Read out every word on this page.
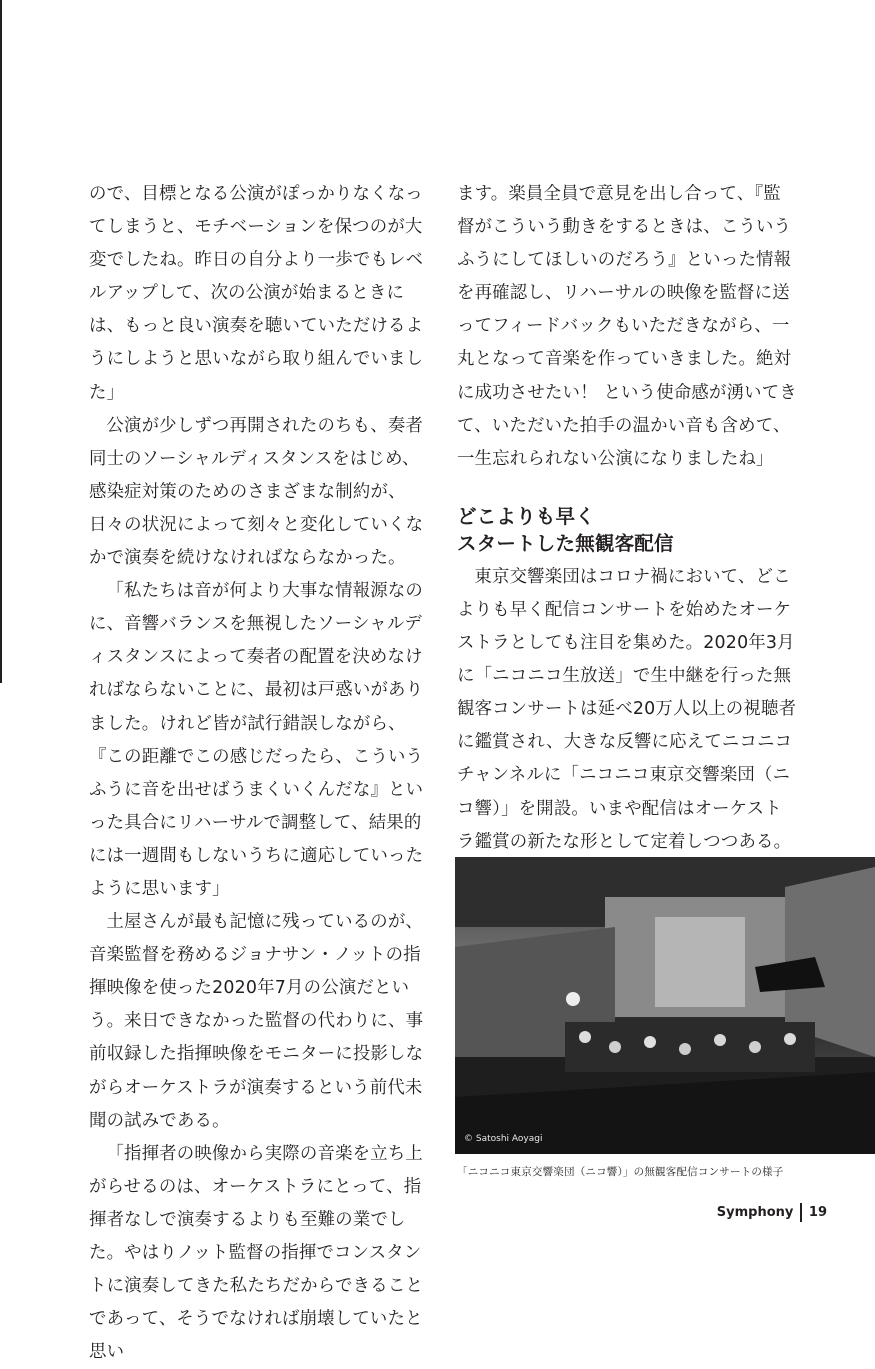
ので、目標となる公演がぽっかりなくなってしまうと、モチベーションを保つのが大変でしたね。昨日の自分より一歩でもレベルアップして、次の公演が始まるときには、もっと良い演奏を聴いていただけるようにしようと思いながら取り組んでいました」

公演が少しずつ再開されたのちも、奏者同士のソーシャルディスタンスをはじめ、感染症対策のためのさまざまな制約が、日々の状況によって刻々と変化していくなかで演奏を続けなければならなかった。

「私たちは音が何より大事な情報源なのに、音響バランスを無視したソーシャルディスタンスによって奏者の配置を決めなければならないことに、最初は戸惑いがありました。けれど皆が試行錯誤しながら、『この距離でこの感じだったら、こういうふうに音を出せばうまくいくんだな』といった具合にリハーサルで調整して、結果的には一週間もしないうちに適応していったように思います」

土屋さんが最も記憶に残っているのが、音楽監督を務めるジョナサン・ノットの指揮映像を使った2020年7月の公演だという。来日できなかった監督の代わりに、事前収録した指揮映像をモニターに投影しながらオーケストラが演奏するという前代未聞の試みである。

「指揮者の映像から実際の音楽を立ち上がらせるのは、オーケストラにとって、指揮者なしで演奏するよりも至難の業でした。やはりノット監督の指揮でコンスタントに演奏してきた私たちだからできることであって、そうでなければ崩壊していたと思い

ます。楽員全員で意見を出し合って、『監督がこういう動きをするときは、こういうふうにしてほしいのだろう』といった情報を再確認し、リハーサルの映像を監督に送ってフィードバックもいただきながら、一丸となって音楽を作っていきました。絶対に成功させたい！ という使命感が湧いてきて、いただいた拍手の温かい音も含めて、一生忘れられない公演になりましたね」

どこよりも早く
スタートした無観客配信

東京交響楽団はコロナ禍において、どこよりも早く配信コンサートを始めたオーケストラとしても注目を集めた。2020年3月に「ニコニコ生放送」で生中継を行った無観客コンサートは延べ20万人以上の視聴者に鑑賞され、大きな反響に応えてニコニコチャンネルに「ニコニコ東京交響楽団（ニコ響）」を開設。いまや配信はオーケストラ鑑賞の新たな形として定着しつつある。

© Satoshi Aoyagi
「ニコニコ東京交響楽団（ニコ響）」の無観客配信コンサートの様子
Symphony 19
